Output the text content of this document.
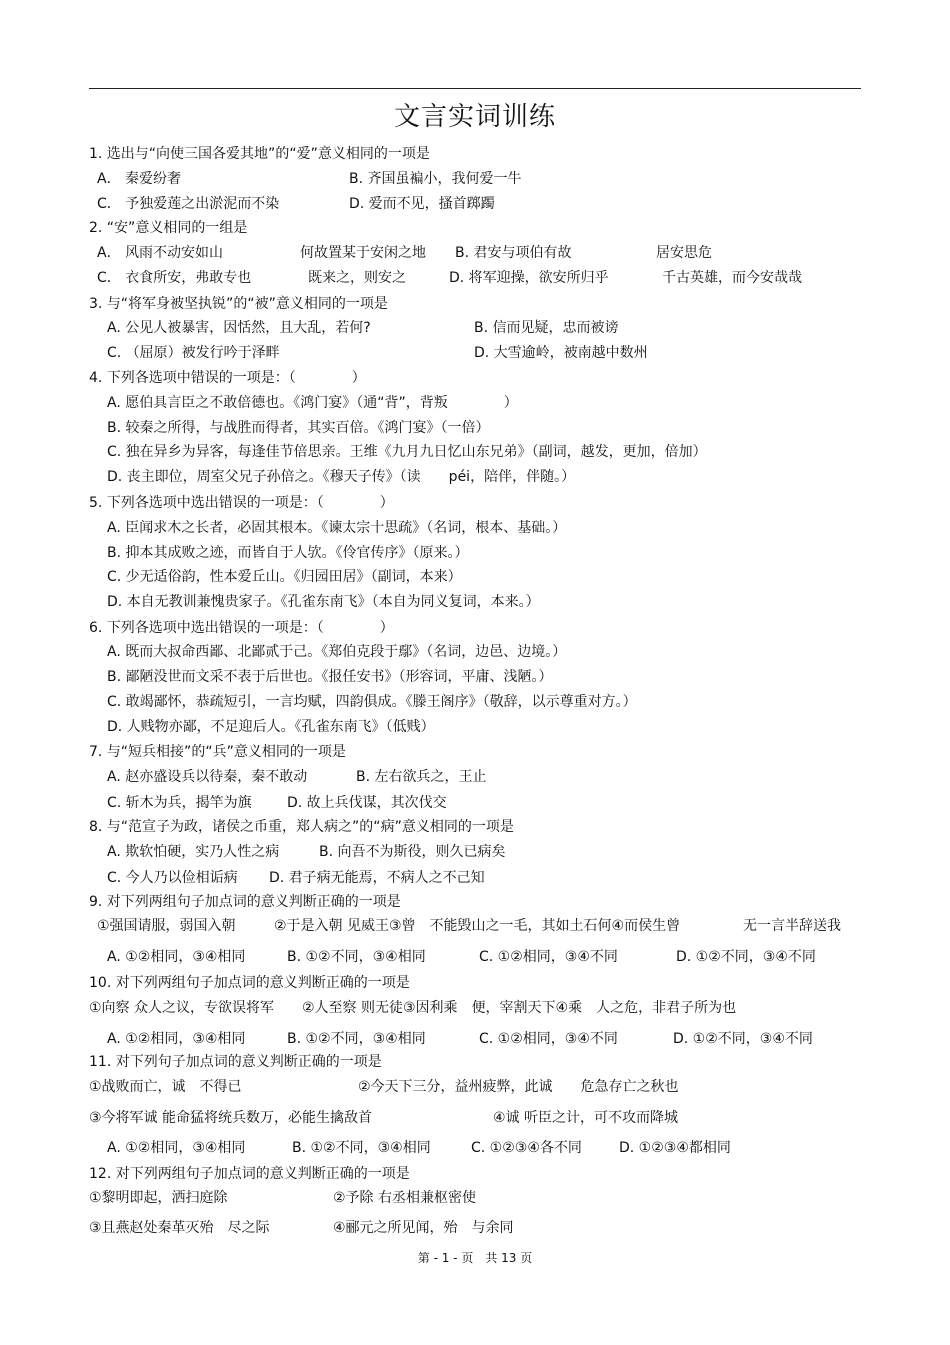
文言实词训练
1. 选出与“向使三国各爱其地”的“爱”意义相同的一项是
A． 秦爱纷奢	B. 齐国虽褊小，我何爱一牛
C． 予独爱莲之出淤泥而不染	D. 爱而不见，搔首踯躅
2. “安”意义相同的一组是
A． 风雨不动安如山	何故置某于安闲之地 B. 君安与项伯有故	居安思危
C． 衣食所安，弗敢专也	既来之，则安之	D. 将军迎操，欲安所归乎	千古英雄，而今安哉哉
3. 与“将军身被坚执锐”的“被”意义相同的一项是
A. 公见人被暴害，因恬然，且大乱，若何?	B. 信而见疑，忠而被谤
C. （屈原）被发行吟于泽畔	D. 大雪逾岭，被南越中数州
4. 下列各选项中错误的一项是：（　　　　）
A. 愿伯具言臣之不敢倍德也。《鸿门宴》（通“背”，背叛　　　　）
B. 较秦之所得，与战胜而得者，其实百倍。《鸿门宴》（一倍）
C. 独在异乡为异客，每逢佳节倍思亲。王维《九月九日忆山东兄弟》（副词，越发，更加，倍加）
D. 丧主即位，周室父兄子孙倍之。《穆天子传》（读　　péi，陪伴，伴随。）
5. 下列各选项中选出错误的一项是：（　　　　）
A. 臣闻求木之长者，必固其根本。《谏太宗十思疏》（名词，根本、基础。）
B. 抑本其成败之迹，而皆自于人欤。《伶官传序》（原来。）
C. 少无适俗韵，性本爱丘山。《归园田居》（副词，本来）
D. 本自无教训兼愧贵家子。《孔雀东南飞》（本自为同义复词，本来。）
6. 下列各选项中选出错误的一项是：（　　　　）
A. 既而大叔命西鄙、北鄙贰于己。《郑伯克段于鄢》（名词，边邑、边境。）
B. 鄙陋没世而文采不表于后世也。《报任安书》（形容词，平庸、浅陋。）
C. 敢竭鄙怀，恭疏短引，一言均赋，四韵俱成。《滕王阁序》（敬辞，以示尊重对方。）
D. 人贱物亦鄙，不足迎后人。《孔雀东南飞》（低贱）
7. 与“短兵相接”的“兵”意义相同的一项是
A. 赵亦盛设兵以待秦，秦不敢动	B. 左右欲兵之，王止
C. 斩木为兵，揭竿为旗	D. 故上兵伐谋，其次伐交
8. 与“范宣子为政，诸侯之币重，郑人病之”的“病”意义相同的一项是
A. 欺软怕硬，实乃人性之病	B. 向吾不为斯役，则久已病矣
C. 今人乃以俭相诟病 D. 君子病无能焉，不病人之不己知
9. 对下列两组句子加点词的意义判断正确的一项是
①强国请服，弱国入朝	②于是入朝 见威王③曾　不能毁山之一毛，其如土石何④而侯生曾	无一言半辞送我
A. ①②相同，③④相同	B. ①②不同，③④相同	C. ①②相同，③④不同	D. ①②不同，③④不同
10. 对下列两组句子加点词的意义判断正确的一项是
①向察 众人之议，专欲误将军　　②人至察 则无徒③因利乘　便，宰割天下④乘　人之危，非君子所为也
A. ①②相同，③④相同	B. ①②不同，③④相同	C. ①②相同，③④不同	D. ①②不同，③④不同
11. 对下列句子加点词的意义判断正确的一项是
①战败而亡，诚　不得已	②今天下三分，益州疲弊，此诚　　危急存亡之秋也
③今将军诚 能命猛将统兵数万，必能生擒敌首	④诚 听臣之计，可不攻而降城
A. ①②相同，③④相同	B. ①②不同，③④相同	C. ①②③④各不同	D. ①②③④都相同
12. 对下列两组句子加点词的意义判断正确的一项是
①黎明即起，洒扫庭除	②予除 右丞相兼枢密使
③且燕赵处秦革灭殆　尽之际	④郦元之所见闻，殆　与余同
第 - 1 - 页　共 13 页
